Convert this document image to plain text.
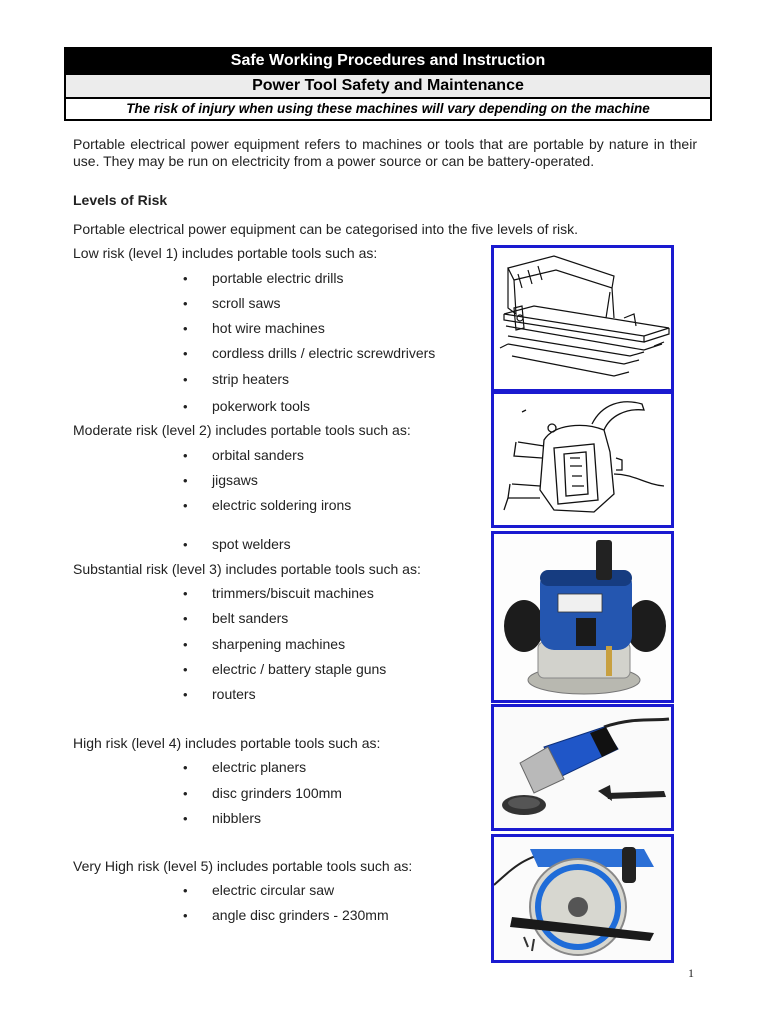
Safe Working Procedures and Instruction
Power Tool Safety and Maintenance
The risk of injury when using these machines will vary depending on the machine

Portable electrical power equipment refers to machines or tools that are portable by nature in their use. They may be run on electricity from a power source or can be battery-operated.

Levels of Risk

Portable electrical power equipment can be categorised into the five levels of risk.

Low risk (level 1) includes portable tools such as:

• portable electric drills

• scroll saws

• hot wire machines

• cordless drills / electric screwdrivers

• strip heaters

• pokerwork tools

Moderate risk (level 2) includes portable tools such as:

• orbital sanders

• jigsaws

• electric soldering irons

• spot welders

Substantial risk (level 3) includes portable tools such as:

• trimmers/biscuit machines

• belt sanders

• sharpening machines

• electric / battery staple guns

• routers

High risk (level 4) includes portable tools such as:

• electric planers

• disc grinders 100mm

• nibblers

Very High risk (level 5) includes portable tools such as:

• electric circular saw

• angle disc grinders - 230mm

1
